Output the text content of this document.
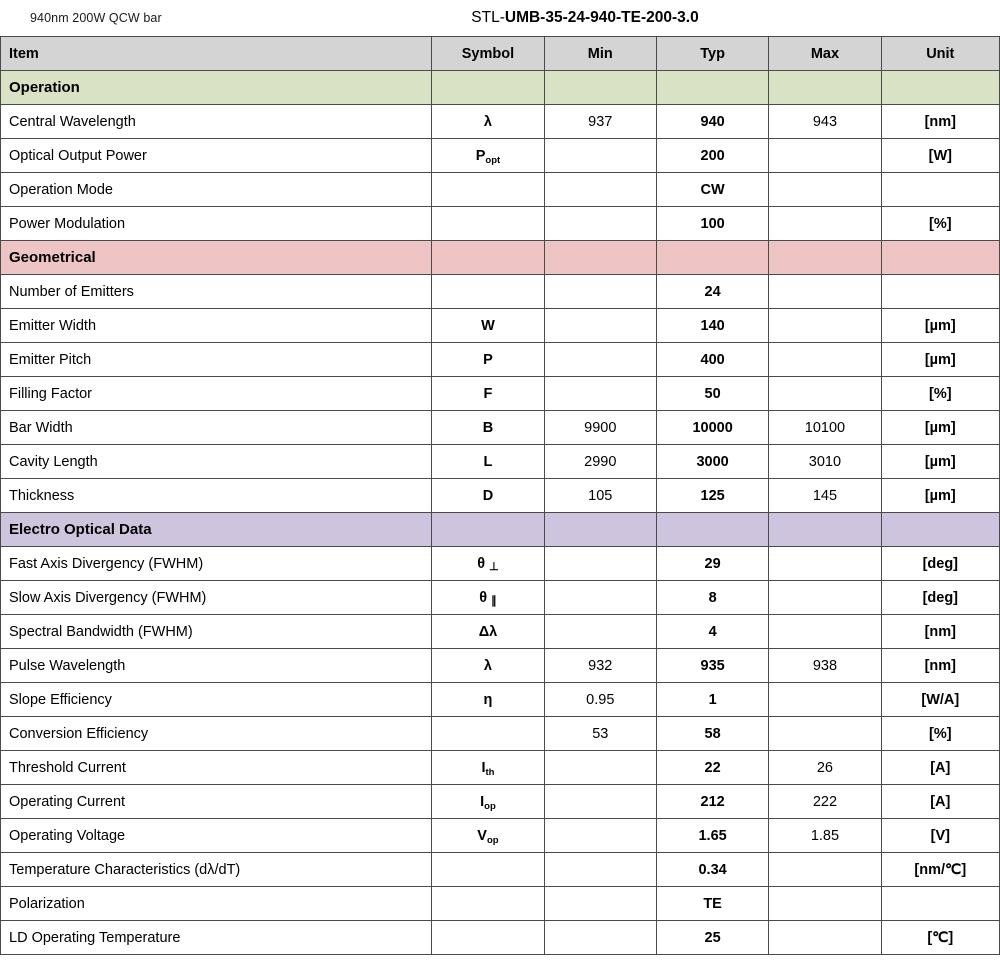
940nm 200W QCW bar	STL-UMB-35-24-940-TE-200-3.0
Item	Symbol	Min	Typ	Max	Unit
Operation					
Central Wavelength	λ	937	940	943	[nm]
Optical Output Power	$P_{opt}$		200		[W]
Operation Mode			CW		
Power Modulation			100		[%]
Geometrical					
Number of Emitters			24		
Emitter Width	W		140		[µm]
Emitter Pitch	P		400		[µm]
Filling Factor	F		50		[%]
Bar Width	B	9900	10000	10100	[µm]
Cavity Length	L	2990	3000	3010	[µm]
Thickness	D	105	125	145	[µm]
Electro Optical Data					
Fast Axis Divergency (FWHM)	θ ⊥		29		[deg]
Slow Axis Divergency (FWHM)	θ ∥		8		[deg]
Spectral Bandwidth (FWHM)	Δλ		4		[nm]
Pulse Wavelength	λ	932	935	938	[nm]
Slope Efficiency	η	0.95	1		[W/A]
Conversion Efficiency		53	58		[%]
Threshold Current	$I_{th}$		22	26	[A]
Operating Current	$I_{op}$		212	222	[A]
Operating Voltage	$V_{op}$		1.65	1.85	[V]
Temperature Characteristics (dλ/dT)			0.34		[nm/℃]
Polarization			TE		
LD Operating Temperature			25		[℃]
